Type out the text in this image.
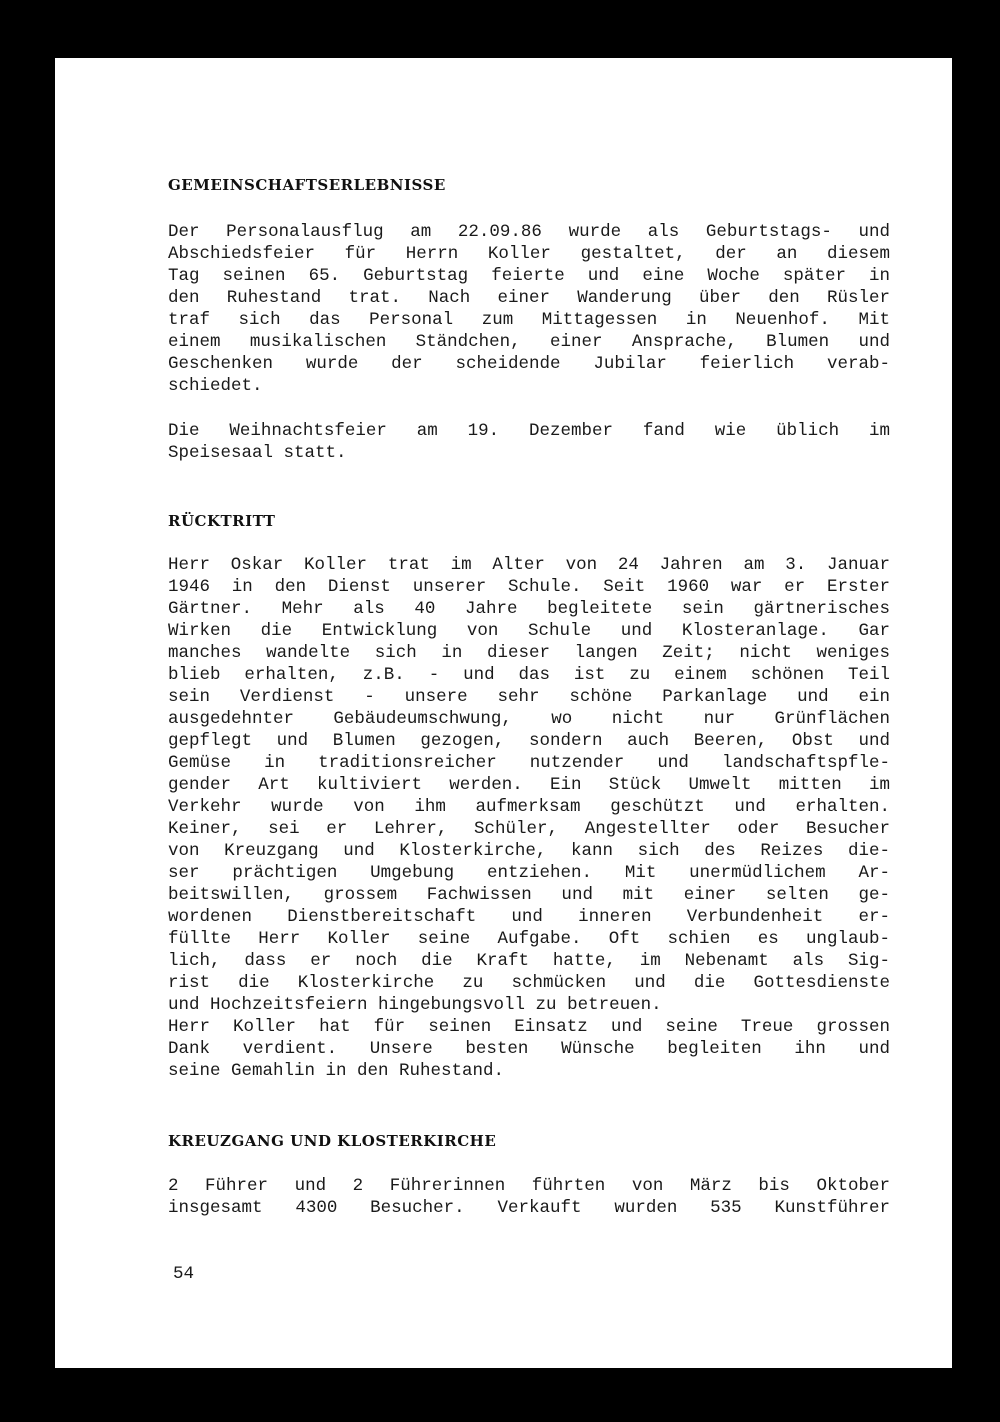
GEMEINSCHAFTSERLEBNISSE
Der Personalausflug am 22.09.86 wurde als Geburtstags- und
Abschiedsfeier für Herrn Koller gestaltet, der an diesem
Tag seinen 65. Geburtstag feierte und eine Woche später in
den Ruhestand trat. Nach einer Wanderung über den Rüsler
traf sich das Personal zum Mittagessen in Neuenhof. Mit
einem musikalischen Ständchen, einer Ansprache, Blumen und
Geschenken wurde der scheidende Jubilar feierlich verab-
schiedet.
Die Weihnachtsfeier am 19. Dezember fand wie üblich im
Speisesaal statt.
RÜCKTRITT
Herr Oskar Koller trat im Alter von 24 Jahren am 3. Januar
1946 in den Dienst unserer Schule. Seit 1960 war er Erster
Gärtner. Mehr als 40 Jahre begleitete sein gärtnerisches
Wirken die Entwicklung von Schule und Klosteranlage. Gar
manches wandelte sich in dieser langen Zeit; nicht weniges
blieb erhalten, z.B. - und das ist zu einem schönen Teil
sein Verdienst - unsere sehr schöne Parkanlage und ein
ausgedehnter Gebäudeumschwung, wo nicht nur Grünflächen
gepflegt und Blumen gezogen, sondern auch Beeren, Obst und
Gemüse in traditionsreicher nutzender und landschaftspfle-
gender Art kultiviert werden. Ein Stück Umwelt mitten im
Verkehr wurde von ihm aufmerksam geschützt und erhalten.
Keiner, sei er Lehrer, Schüler, Angestellter oder Besucher
von Kreuzgang und Klosterkirche, kann sich des Reizes die-
ser prächtigen Umgebung entziehen. Mit unermüdlichem Ar-
beitswillen, grossem Fachwissen und mit einer selten ge-
wordenen Dienstbereitschaft und inneren Verbundenheit er-
füllte Herr Koller seine Aufgabe. Oft schien es unglaub-
lich, dass er noch die Kraft hatte, im Nebenamt als Sig-
rist die Klosterkirche zu schmücken und die Gottesdienste
und Hochzeitsfeiern hingebungsvoll zu betreuen.
Herr Koller hat für seinen Einsatz und seine Treue grossen
Dank verdient. Unsere besten Wünsche begleiten ihn und
seine Gemahlin in den Ruhestand.
KREUZGANG UND KLOSTERKIRCHE
2 Führer und 2 Führerinnen führten von März bis Oktober
insgesamt 4300 Besucher. Verkauft wurden 535 Kunstführer
54
